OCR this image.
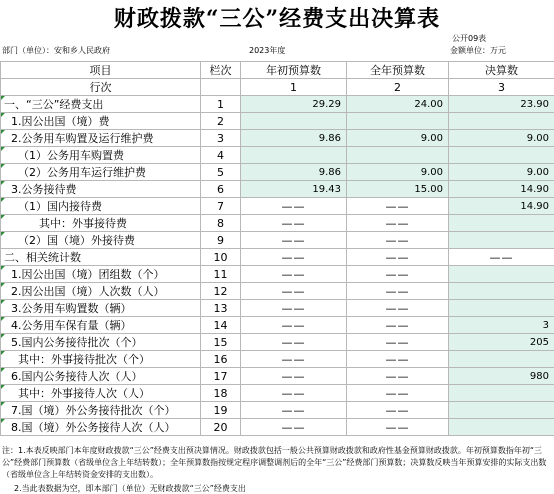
财政拨款“三公”经费支出决算表
公开09表
部门（单位）：安和乡人民政府	2023年度	金额单位：万元
项目	栏次	年初预算数	全年预算数	决算数
行次		1	2	3
一、“三公”经费支出	1	29.29	24.00	23.90
1.因公出国（境）费	2			
2.公务用车购置及运行维护费	3	9.86	9.00	9.00
（1）公务用车购置费	4			
（2）公务用车运行维护费	5	9.86	9.00	9.00
3.公务接待费	6	19.43	15.00	14.90
（1）国内接待费	7	——	——	14.90
其中：外事接待费	8	——	——	
（2）国（境）外接待费	9	——	——	
二、相关统计数	10	——	——	——
1.因公出国（境）团组数（个）	11	——	——	
2.因公出国（境）人次数（人）	12	——	——	
3.公务用车购置数（辆）	13	——	——	
4.公务用车保有量（辆）	14	——	——	3
5.国内公务接待批次（个）	15	——	——	205
其中：外事接待批次（个）	16	——	——	
6.国内公务接待人次（人）	17	——	——	980
其中：外事接待人次（人）	18	——	——	
7.国（境）外公务接待批次（个）	19	——	——	
8.国（境）外公务接待人次（人）	20	——	——	
注：1.本表反映部门本年度财政拨款“三公”经费支出预决算情况。财政拨款包括一般公共预算财政拨款和政府性基金预算财政拨款。年初预算数指年初“三公”经费部门预算数（省级单位含上年结转数）；全年预算数指按规定程序调整调剂后的全年“三公”经费部门预算数；决算数反映当年预算安排的实际支出数（省级单位含上年结转资金安排的支出数）。
2.当此表数据为空，即本部门（单位）无财政拨款“三公”经费支出
